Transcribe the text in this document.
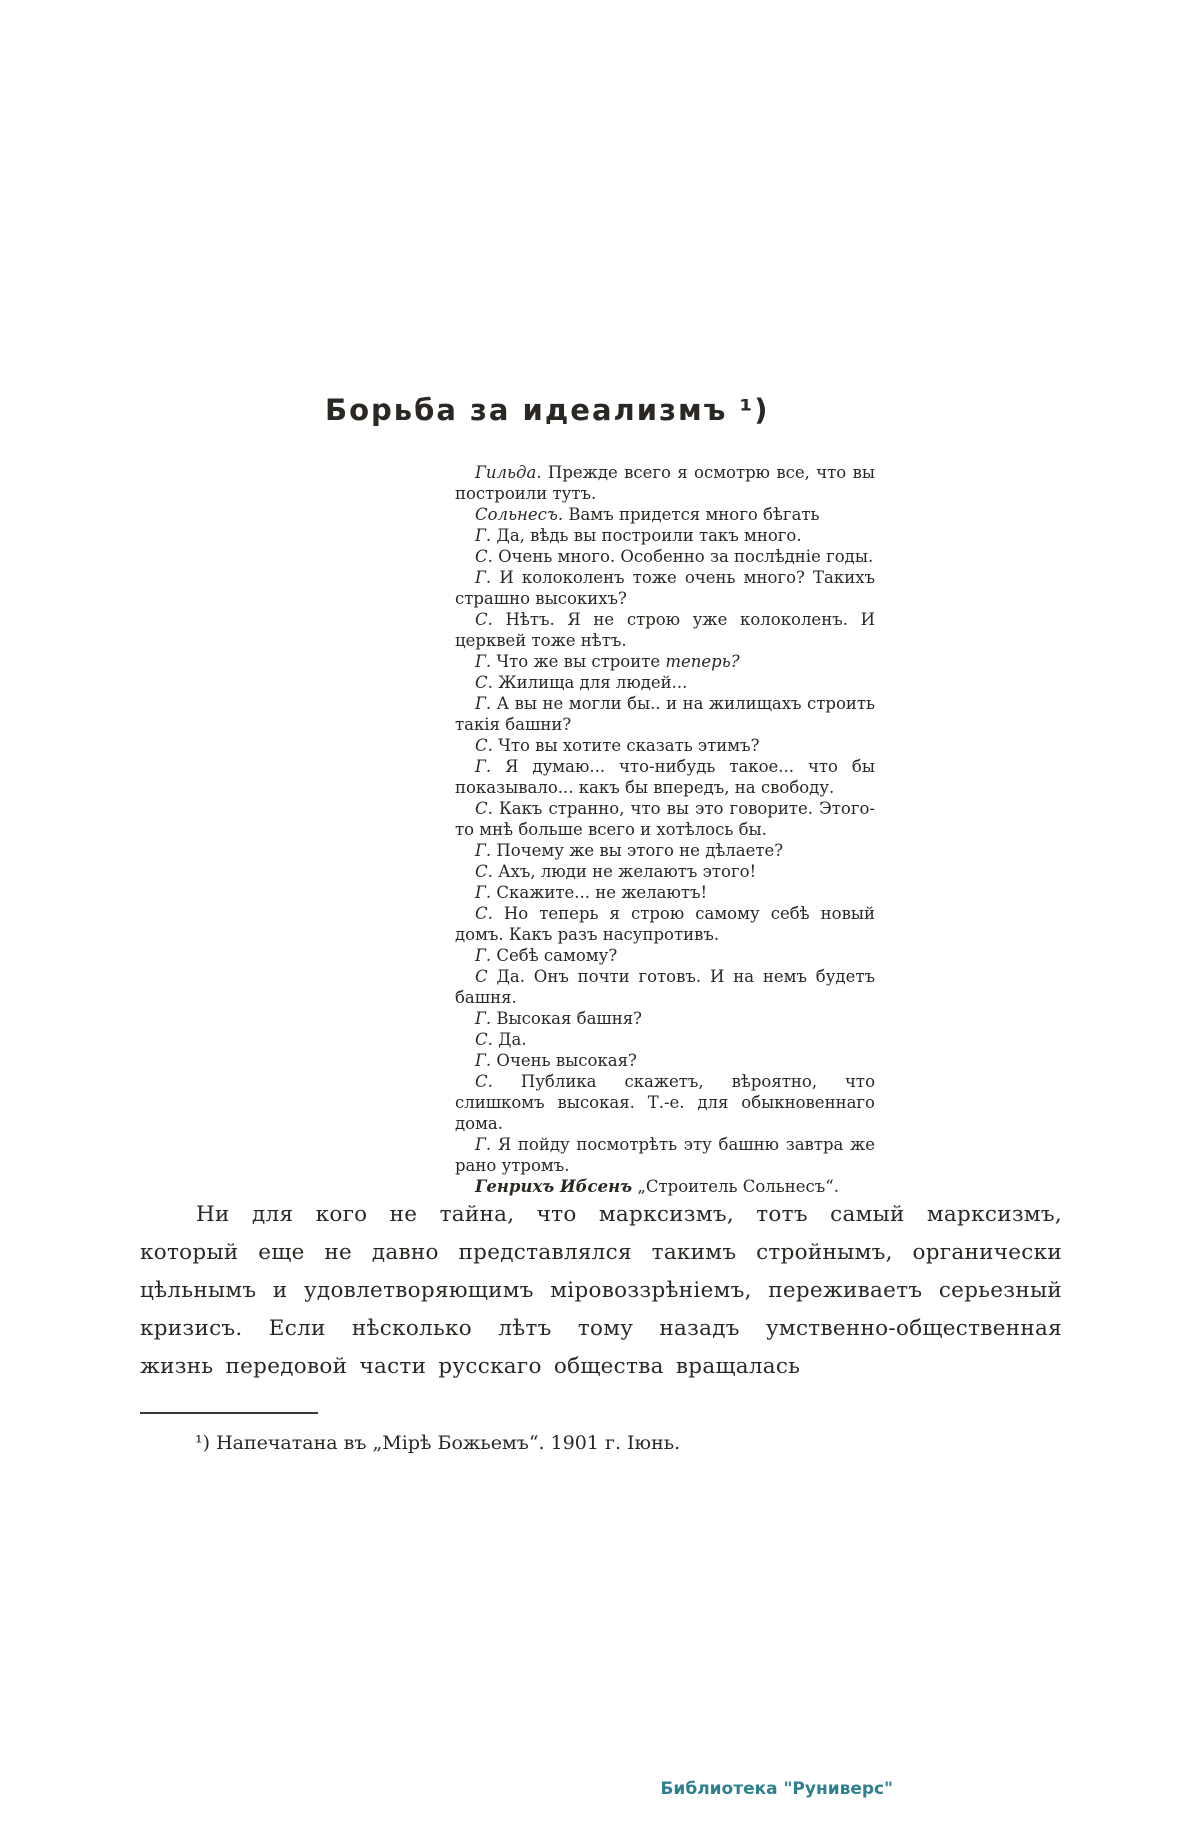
Борьба за идеализмъ ¹)

Гильда. Прежде всего я осмотрю все, что вы построили тутъ.

Сольнесъ. Вамъ придется много бѣгать

Г. Да, вѣдь вы построили такъ много.

С. Очень много. Особенно за послѣдніе годы.

Г. И колоколенъ тоже очень много? Такихъ страшно высокихъ?

С. Нѣтъ. Я не строю уже колоколенъ. И церквей тоже нѣтъ.

Г. Что же вы строите теперь?

С. Жилища для людей...

Г. А вы не могли бы.. и на жилищахъ строить такія башни?

С. Что вы хотите сказать этимъ?

Г. Я думаю... что-нибудь такое... что бы показывало... какъ бы впередъ, на свободу.

С. Какъ странно, что вы это говорите. Этого-то мнѣ больше всего и хотѣлось бы.

Г. Почему же вы этого не дѣлаете?

С. Ахъ, люди не желаютъ этого!

Г. Скажите... не желаютъ!

С. Но теперь я строю самому себѣ новый домъ. Какъ разъ насупротивъ.

Г. Себѣ самому?

С Да. Онъ почти готовъ. И на немъ будетъ башня.

Г. Высокая башня?

С. Да.

Г. Очень высокая?

С. Публика скажетъ, вѣроятно, что слишкомъ высокая. Т.-е. для обыкновеннаго дома.

Г. Я пойду посмотрѣть эту башню завтра же рано утромъ.

Генрихъ Ибсенъ „Строитель Сольнесъ“.

Ни для кого не тайна, что марксизмъ, тотъ самый марксизмъ, который еще не давно представлялся такимъ стройнымъ, органически цѣльнымъ и удовлетворяющимъ міровоззрѣніемъ, переживаетъ серьезный кризисъ. Если нѣсколько лѣтъ тому назадъ умственно-общественная жизнь передовой части русскаго общества вращалась

¹) Напечатана въ „Мірѣ Божьемъ“. 1901 г. Іюнь.

Библиотека "Руниверс"
